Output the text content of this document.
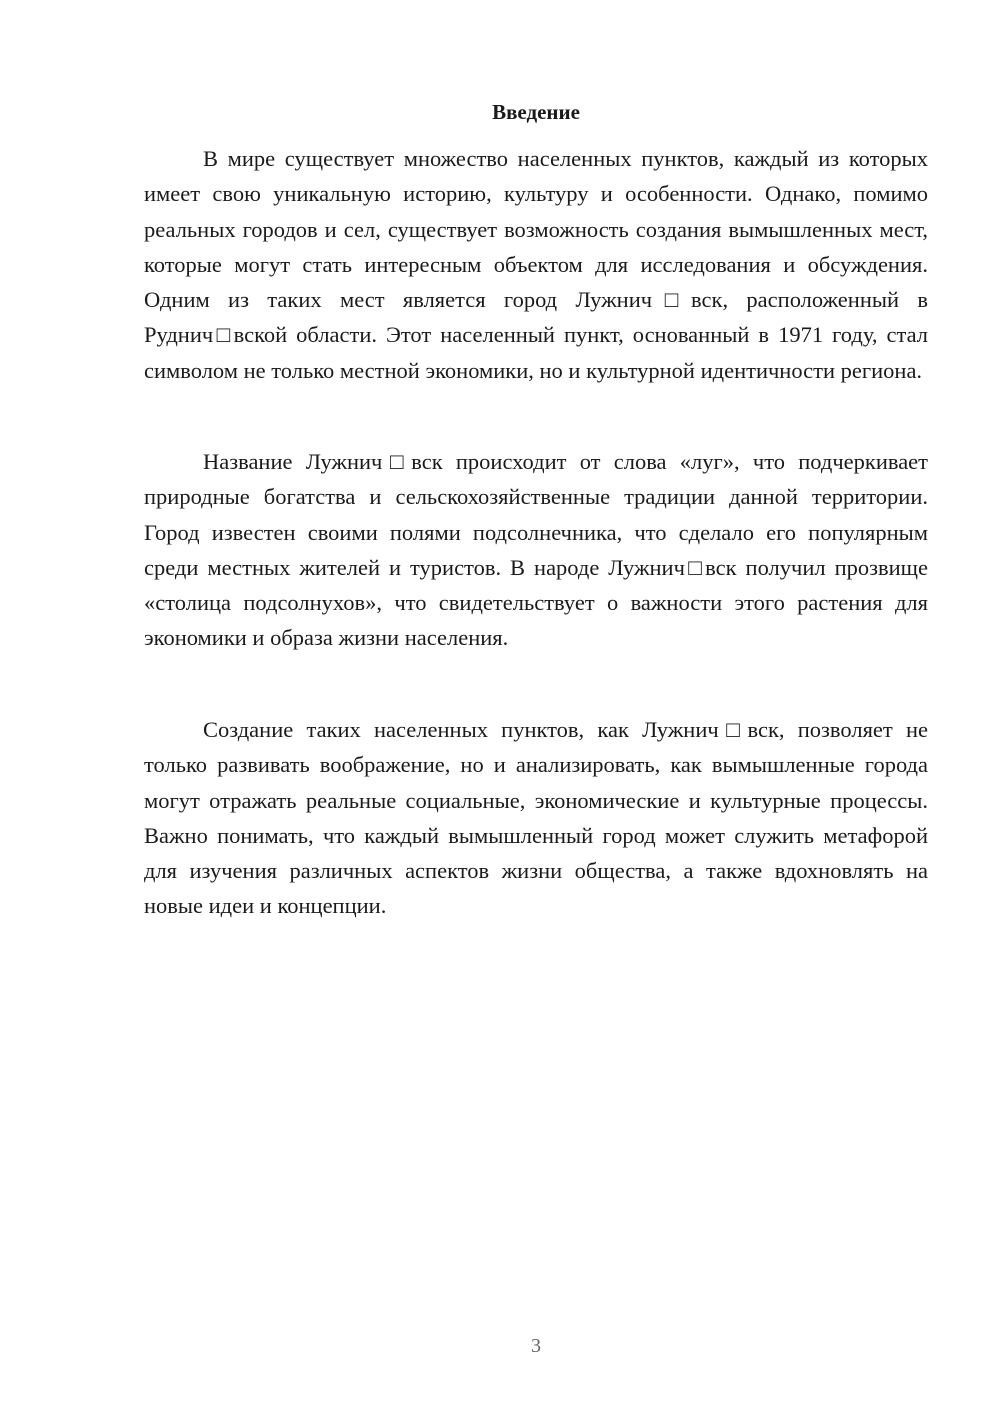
Введение

В мире существует множество населенных пунктов, каждый из которых имеет свою уникальную историю, культуру и особенности. Однако, помимо реальных городов и сел, существует возможность создания вымышленных мест, которые могут стать интересным объектом для исследования и обсуждения. Одним из таких мест является город Лужнич□вск, расположенный в Руднич□вской области. Этот населенный пункт, основанный в 1971 году, стал символом не только местной экономики, но и культурной идентичности региона.

Название Лужнич□вск происходит от слова «луг», что подчеркивает природные богатства и сельскохозяйственные традиции данной территории. Город известен своими полями подсолнечника, что сделало его популярным среди местных жителей и туристов. В народе Лужнич□вск получил прозвище «столица подсолнухов», что свидетельствует о важности этого растения для экономики и образа жизни населения.

Создание таких населенных пунктов, как Лужнич□вск, позволяет не только развивать воображение, но и анализировать, как вымышленные города могут отражать реальные социальные, экономические и культурные процессы. Важно понимать, что каждый вымышленный город может служить метафорой для изучения различных аспектов жизни общества, а также вдохновлять на новые идеи и концепции.

3
